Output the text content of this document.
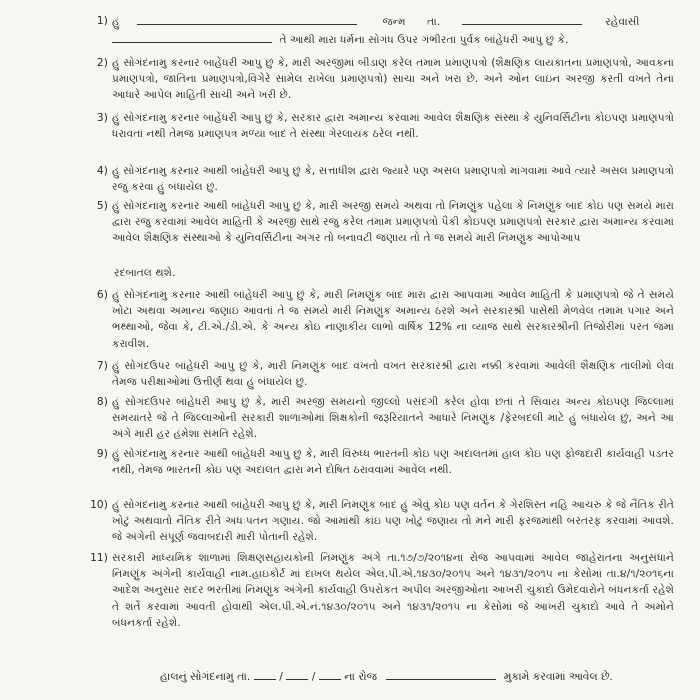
1) હું	જન્મ તા.	રહેવાસી
તે આથી મારા ધર્મના સોગંધ ઉપર ગંભીરતા પુર્વક બાંહેધરી આપુ છું કે.
2) હું સોગંદનામુ કરનાર બાહેંધરી આપુ છું કે, મારી અરજીમાં બીડાણ કરેલ તમામ પ્રમાણપત્રો (શૈક્ષણિક લાયકાતના પ્રમાણપત્રો, આવકના પ્રમાણપત્રો, જાતિના પ્રમાણપત્રો,વિગેરે સામેલ રાખેલા પ્રમાણપત્રો) સાચા અને ખરા છે. અને ઓન લાઇન અરજી કરતી વખતે તેના આધારે આપેલ માહિતી સાચી અને ખરી છે.
3) હું સોગંદનામુ કરનાર બાહેંધરી આપુ છું કે, સરકાર દ્વારા અમાન્ય કરવામાં આવેલ શૈક્ષણિક સંસ્થા કે યુનિવર્સિટીના કોઇપણ પ્રમાણપત્રો ધરાવતાં નથી તેમજ પ્રમાણપત્ર મળ્યા બાદ તે સંસ્થા ગેરલાયક ઠરેલ નથી.
4) હું સોગંદનામુ કરનાર આથી બાંહેધરી આપુ છું કે, સત્તાધીશ દ્વારા જ્યારે પણ અસલ પ્રમાણપત્રો માંગવામાં આવે ત્યારે અસલ પ્રમાણપત્રો રજુ કરવા હું બંધાયેલ છું.
5) હું સોગંદનામુ કરનાર આથી બાંહેધરી આપુ છું કે, મારી અરજી સમયે અથવા તો નિમણુંક પહેલા કે નિમણુંક બાદ કોઇ પણ સમયે મારા દ્વારા રજુ કરવામાં આવેલ માહિતી કે અરજી સાથે રજુ કરેલ તમામ પ્રમાણપત્રો પૈકી કોઇપણ પ્રમાણપત્રો સરકાર દ્વારા અમાન્ય કરવામાં આવેલ શૈક્ષણિક સંસ્થાઓ કે યુનિવર્સિટીના અગર તો બનાવટી જણાય તો તે જ સમયે મારી નિમણુંક આપોઆપ
રદબાતલ થશે.
6) હું સોગંદનામુ કરનાર આથી બાંહેધરી આપુ છું કે, મારી નિમણુંક બાદ મારા દ્વારા આપવામાં આવેલ માહિતી કે પ્રમાણપત્રો જે તે સમયે ખોટા અથવા અમાન્ય જણાઇ આવતાં તે જ સમયે મારી નિમણુંક અમાન્ય ઠરશે અને સરકારશ્રી પાસેથી મેળવેલ તમામ પગાર અને ભથ્થાઓ, જેવા કે, ટી.એ./ડી.એ. કે અન્ય કોઇ નાણાકીય લાભો વાર્ષિક 12% ના વ્યાજ સાથે સરકારશ્રીની તિજોરીમાં પરત જમા કરાવીશ.
7) હું સોગંદઉપર બાંહેધરી આપુ છું કે, મારી નિમણુંક બાદ વખતો વખત સરકારશ્રી દ્વારા નક્કી કરવામાં આવેલી શૈક્ષણિક તાલીમો લેવા તેમજ પરીક્ષાઓમાં ઉત્તીર્ણ થવા હું બંધાયેલ છું.
8) હું સોગંદઉપર બાંહેધરી આપુ છું કે, મારી અરજી સમયનો જીલ્લો પસંદગી કરેલ હોવા છતાં તે સિવાય અન્ય કોઇપણ જિલ્લામાં સમયાંતરે જે તે જિલ્લાઓની સરકારી શાળાઓમાં શિક્ષકોની જરૂરિયાતને આધારે નિમણુંક /ફેરબદલી માટે હું બંધાયેલ છું, અને આ અંગે મારી હર હંમેશા સંમતિ રહેશે.
9) હું સોગંદનામુ કરનાર આથી બાંહેધરી આપુ છું કે, મારી વિરુધ્ધ ભારતની કોઇ પણ અદાલતમાં હાલ કોઇ પણ ફોજદારી કાર્યવાહી પડતર નથી, તેમજ ભારતની કોઇ પણ અદાલત દ્વારા મને દોષિત ઠરાવવામાં આવેલ નથી.
10) હું સોગંદનામુ કરનાર આથી બાંહેધરી આપુ છું કે, મારી નિમણુંક બાદ હું એવું કોઇ પણ વર્તન કે ગેરશિસ્ત નહિ આચરું કે જે નૈતિક રીતે ખોટું અથવાતો નૈતિક રીતે અધઃપતન ગણાય. જો આમાંથી કાંઇ પણ ખોટું જણાય તો મને મારી ફરજમાંથી બરતરફ કરવામાં આવશે. જે અંગેની સંપૂર્ણ જવાબદારી મારી પોતાની રહેશે.
11) સરકારી માધ્યમિક શાળામાં શિક્ષણસહાયકોની નિમણુંક અંગે તા.૧૭/૭/૨૦૧૪ના રોજ આપવામાં આવેલ જાહેરાતના અનુસંધાને નિમણુંક અંગેની કાર્યવાહી નામ.હાઇકોર્ટ માં દાખલ થયેલ એલ.પી.એ.૧૪૩૦/૨૦૧૫ અને ૧૪૩૧/૨૦૧૫ ના કેસોમાં તા.૪/૧/૨૦૧૬ના આદેશ અનુસાર સદર ભરતીમાં નિમણુંક અંગેની કાર્યવાહી ઉપરોકત અપીલ અરજીઓના આખરી ચુકાદો ઉમેદવારોને બંધનકર્તા રહેશે તે શર્તે કરવામાં આવતી હોવાથી એલ.પી.એ.નં.૧૪૩૦/૨૦૧૫ અને ૧૪૩૧/૨૦૧૫ ના કેસોમાં જે આખરી ચુકાદો આવે તે અમોને બંધનકર્તા રહેશે.
હાલનું સોગંદનામુ તા.	/	/	ના રોજ	મુકામે કરવામાં આવેલ છે.
